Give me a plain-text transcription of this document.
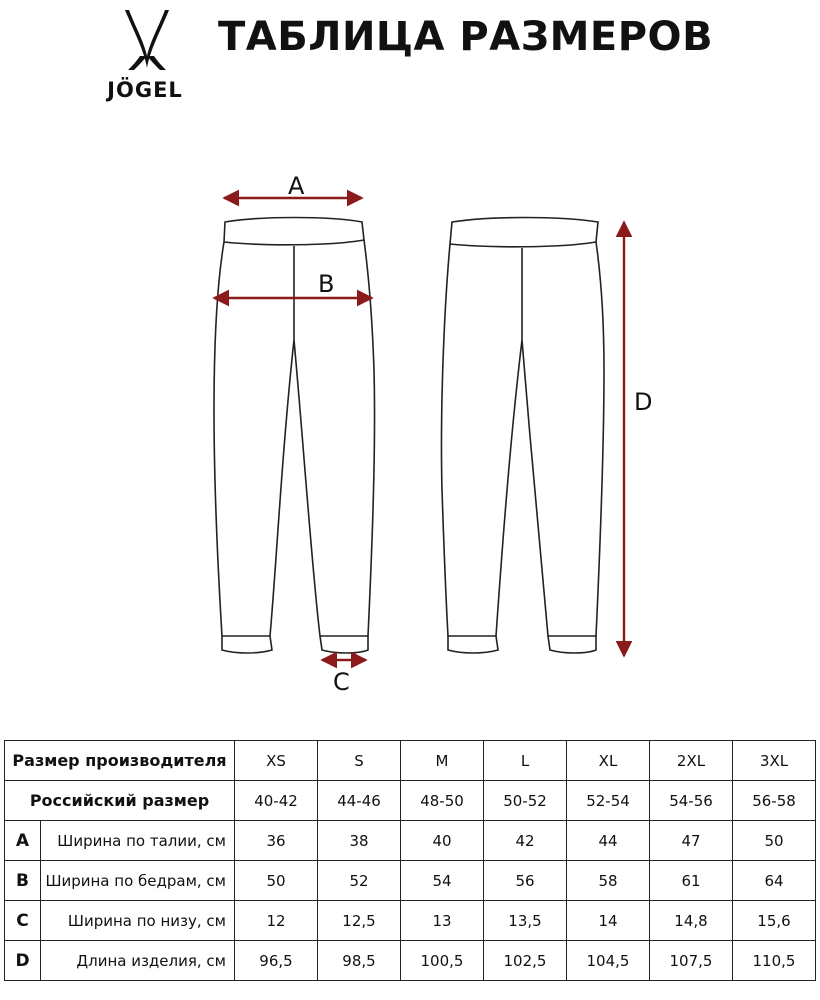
JÖGEL
ТАБЛИЦА РАЗМЕРОВ
A
B
C
D
Размер производителя		XS	S	M	L	XL	2XL	3XL
Российский размер		40-42	44-46	48-50	50-52	52-54	54-56	56-58
A	Ширина по талии, см	36	38	40	42	44	47	50
B	Ширина по бедрам, см	50	52	54	56	58	61	64
C	Ширина по низу, см	12	12,5	13	13,5	14	14,8	15,6
D	Длина изделия, см	96,5	98,5	100,5	102,5	104,5	107,5	110,5
